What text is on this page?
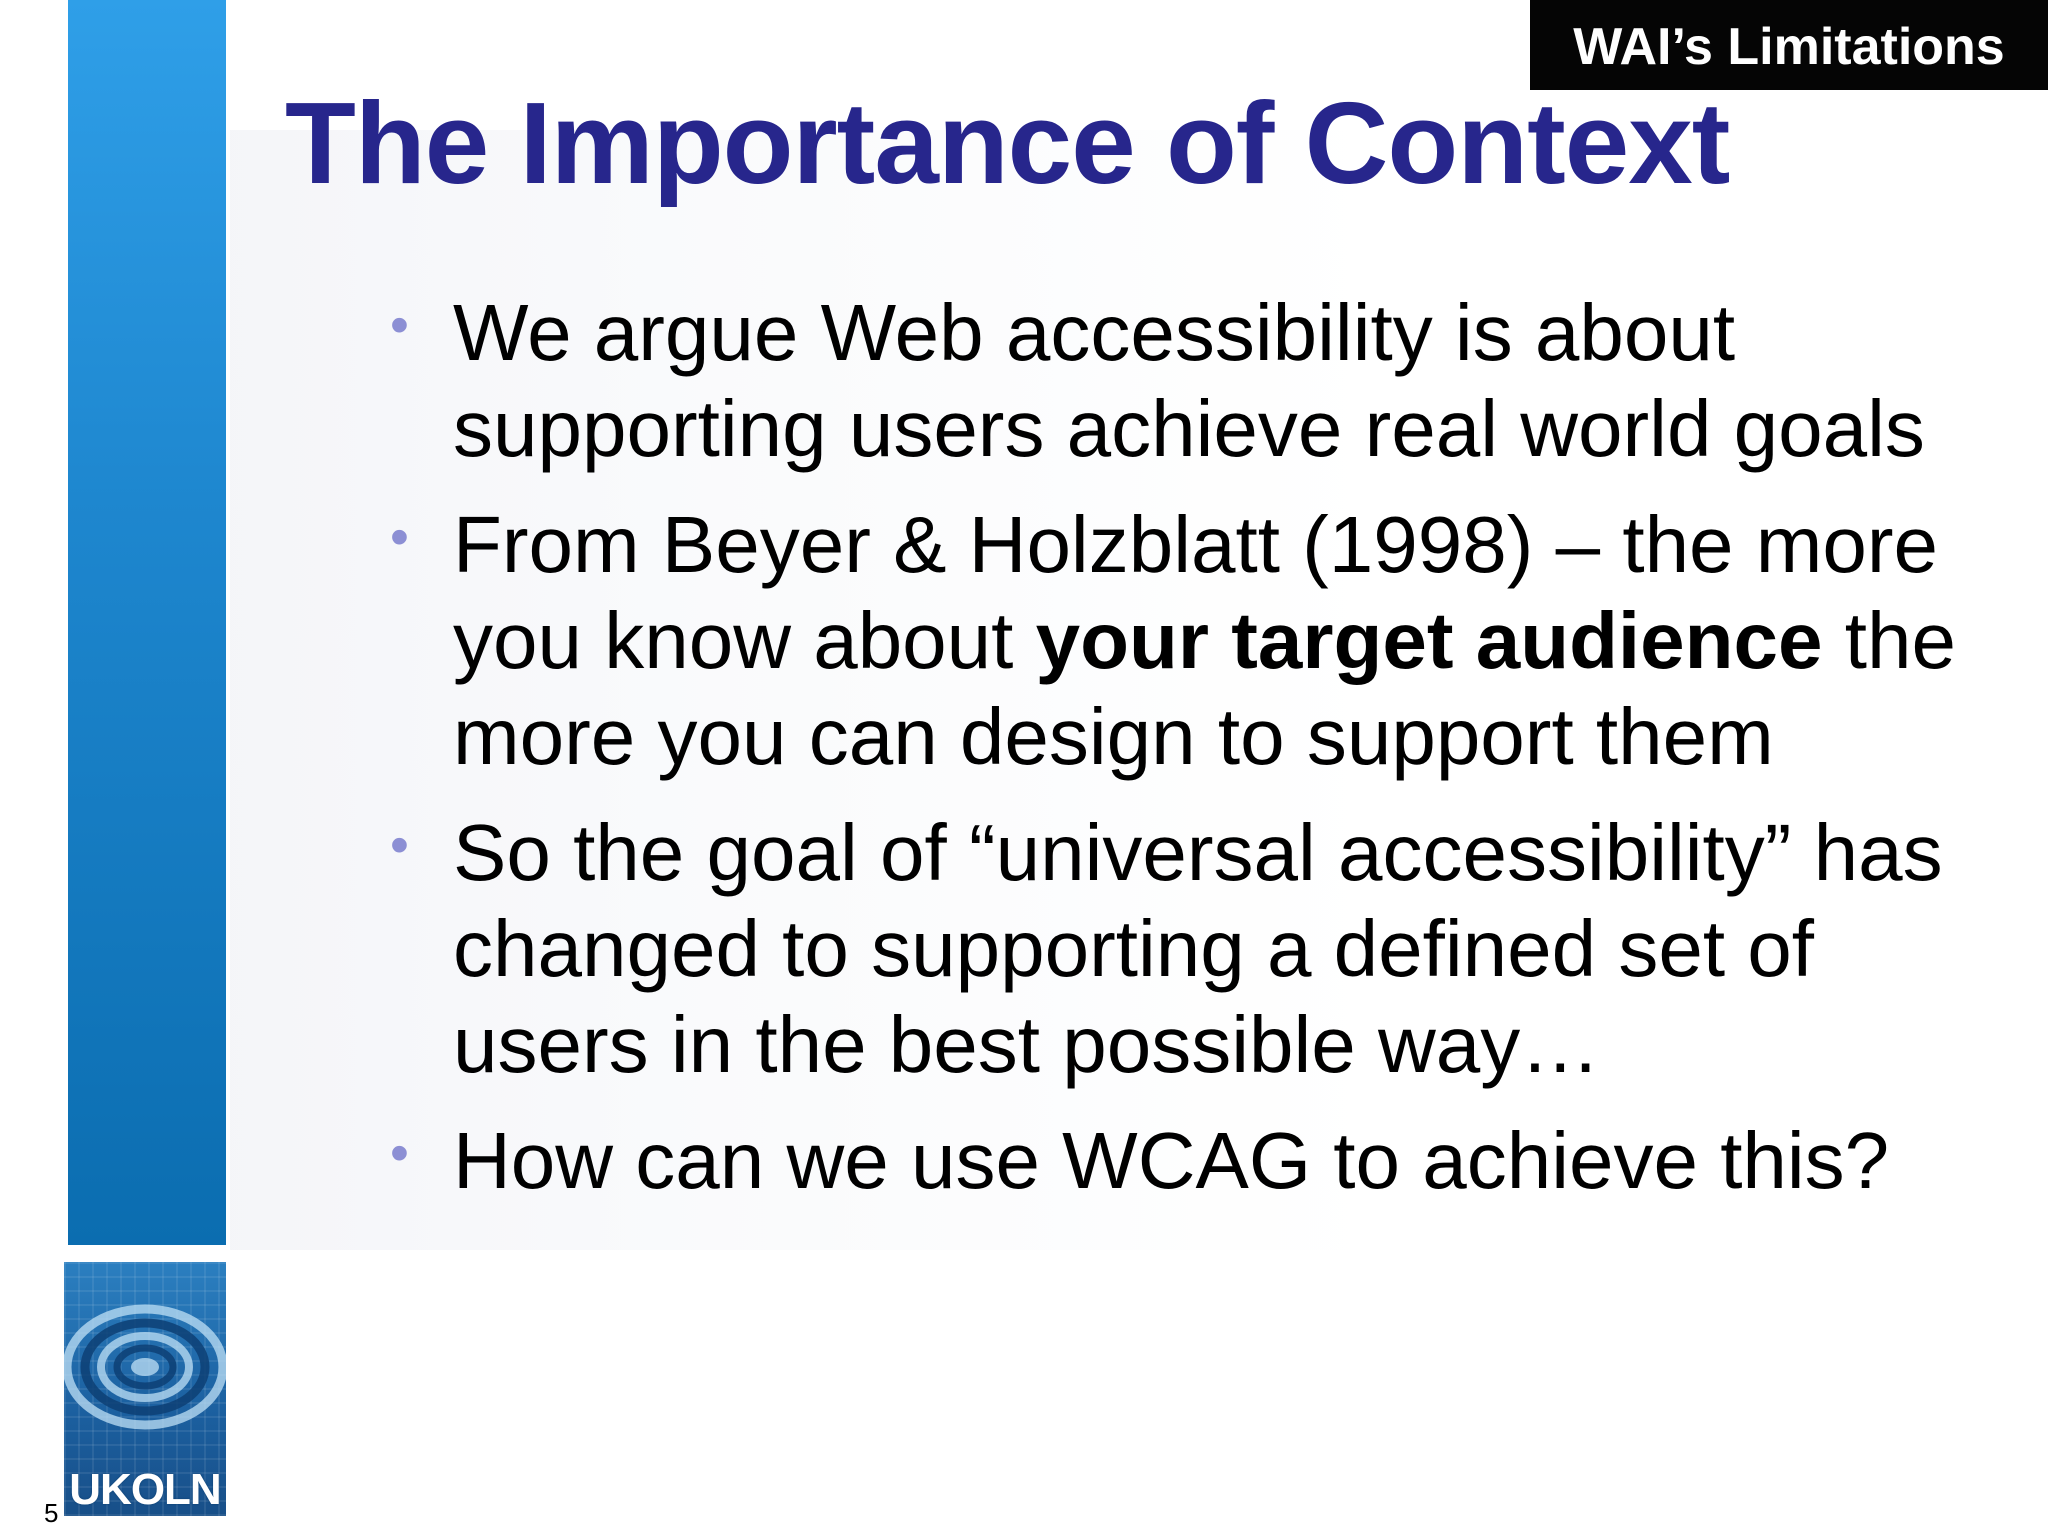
WAI’s Limitations
The Importance of Context
• We argue Web accessibility is about supporting users achieve real world goals
• From Beyer & Holzblatt (1998) – the more you know about your target audience the more you can design to support them
• So the goal of “universal accessibility” has changed to supporting a defined set of users in the best possible way…
• How can we use WCAG to achieve this?
UKOLN
5
